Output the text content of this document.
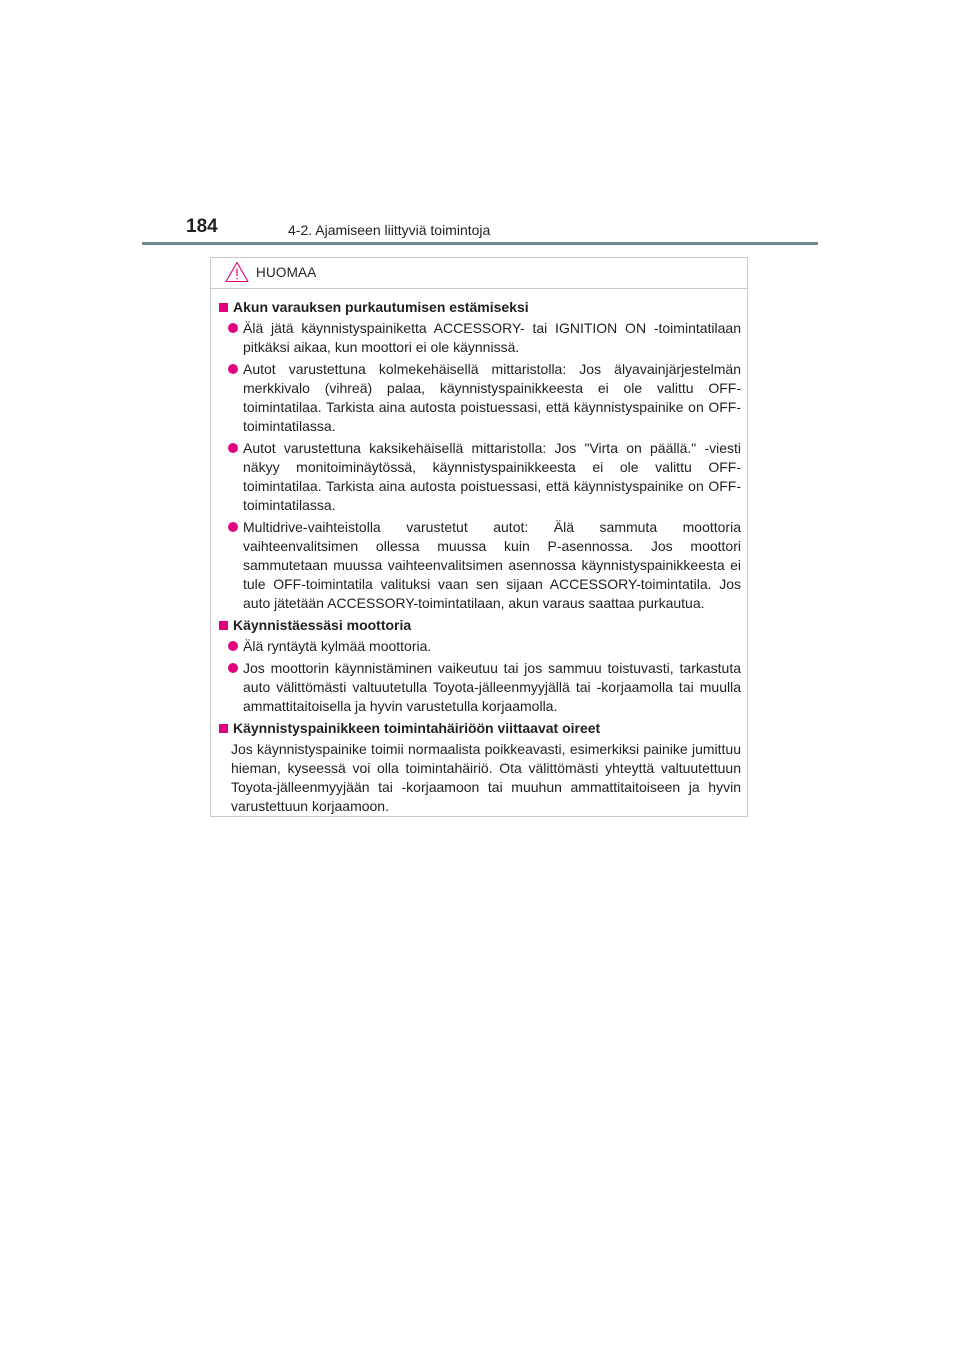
184	4-2. Ajamiseen liittyviä toimintoja
HUOMAA
Akun varauksen purkautumisen estämiseksi
Älä jätä käynnistyspainiketta ACCESSORY- tai IGNITION ON -toimintatilaan pitkäksi aikaa, kun moottori ei ole käynnissä.
Autot varustettuna kolmekehäisellä mittaristolla: Jos älyavainjärjestelmän merkkivalo (vihreä) palaa, käynnistyspainikkeesta ei ole valittu OFF-toimintatilaa. Tarkista aina autosta poistuessasi, että käynnistyspainike on OFF-toimintatilassa.
Autot varustettuna kaksikehäisellä mittaristolla: Jos "Virta on päällä." -viesti näkyy monitoiminäytössä, käynnistyspainikkeesta ei ole valittu OFF-toimintatilaa. Tarkista aina autosta poistuessasi, että käynnistyspainike on OFF-toimintatilassa.
Multidrive-vaihteistolla varustetut autot: Älä sammuta moottoria vaihteenvalitsimen ollessa muussa kuin P-asennossa. Jos moottori sammutetaan muussa vaihteenvalitsimen asennossa käynnistyspainikkeesta ei tule OFF-toimintatila valituksi vaan sen sijaan ACCESSORY-toimintatila. Jos auto jätetään ACCESSORY-toimintatilaan, akun varaus saattaa purkautua.
Käynnistäessäsi moottoria
Älä ryntäytä kylmää moottoria.
Jos moottorin käynnistäminen vaikeutuu tai jos sammuu toistuvasti, tarkastuta auto välittömästi valtuutetulla Toyota-jälleenmyyjällä tai -korjaamolla tai muulla ammattitaitoisella ja hyvin varustetulla korjaamolla.
Käynnistyspainikkeen toimintahäiriöön viittaavat oireet
Jos käynnistyspainike toimii normaalista poikkeavasti, esimerkiksi painike jumittuu hieman, kyseessä voi olla toimintahäiriö. Ota välittömästi yhteyttä valtuutettuun Toyota-jälleenmyyjään tai -korjaamoon tai muuhun ammattitaitoiseen ja hyvin varustettuun korjaamoon.
